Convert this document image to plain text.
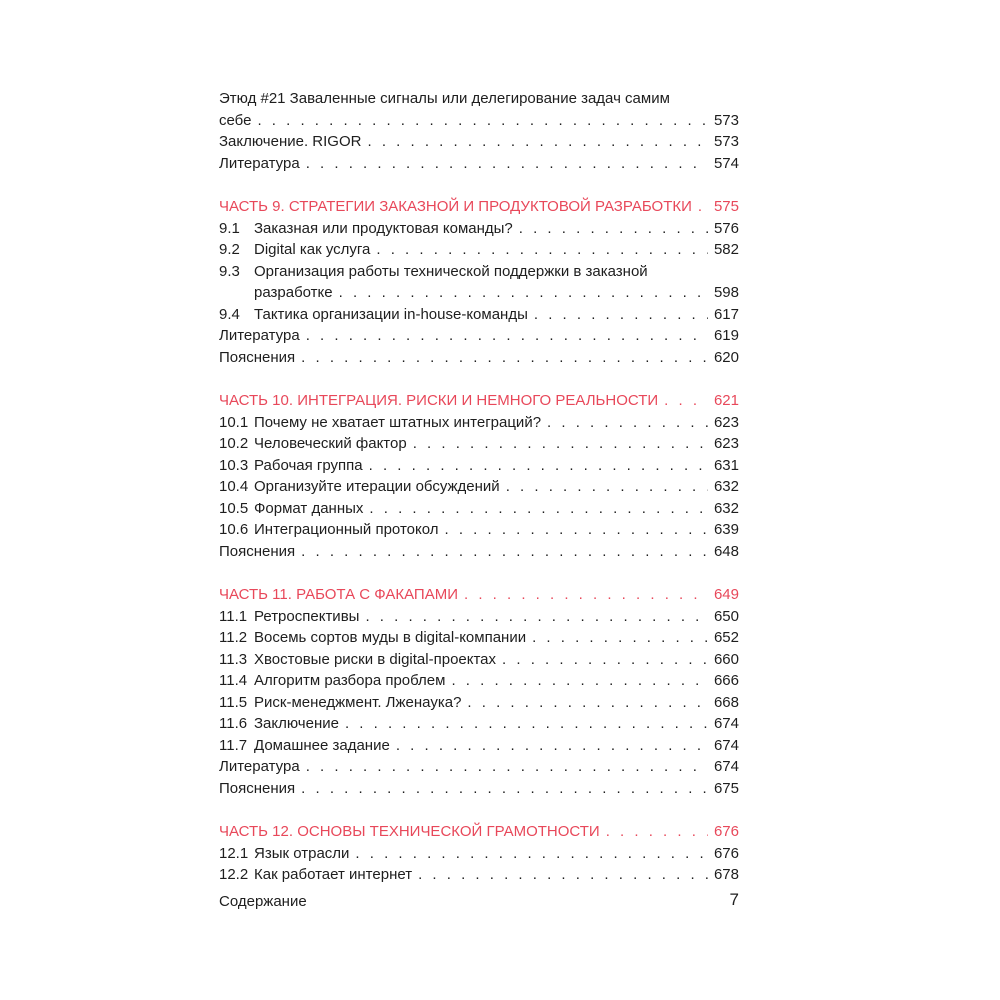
Этюд #21 Заваленные сигналы или делегирование задач самим
себе . . .	573
Заключение. RIGOR . . .	573
Литература . . .	574
ЧАСТЬ 9. СТРАТЕГИИ ЗАКАЗНОЙ И ПРОДУКТОВОЙ РАЗРАБОТКИ . . . 575
9.1 Заказная или продуктовая команды? . . .	576
9.2 Digital как услуга . . .	582
9.3 Организация работы технической поддержки в заказной
разработке . . .	598
9.4 Тактика организации in-house-команды . . .	617
Литература . . .	619
Пояснения . . .	620
ЧАСТЬ 10. ИНТЕГРАЦИЯ. РИСКИ И НЕМНОГО РЕАЛЬНОСТИ . . .	621
10.1 Почему не хватает штатных интеграций? . . .	623
10.2 Человеческий фактор . . .	623
10.3 Рабочая группа . . .	631
10.4 Организуйте итерации обсуждений . . .	632
10.5 Формат данных . . .	632
10.6 Интеграционный протокол . . .	639
Пояснения . . .	648
ЧАСТЬ 11. РАБОТА С ФАКАПАМИ . . .	649
11.1 Ретроспективы . . .	650
11.2 Восемь сортов муды в digital-компании . . .	652
11.3 Хвостовые риски в digital-проектах . . .	660
11.4 Алгоритм разбора проблем . . .	666
11.5 Риск-менеджмент. Лженаука? . . .	668
11.6 Заключение . . .	674
11.7 Домашнее задание . . .	674
Литература . . .	674
Пояснения . . .	675
ЧАСТЬ 12. ОСНОВЫ ТЕХНИЧЕСКОЙ ГРАМОТНОСТИ . . .	676
12.1 Язык отрасли . . .	676
12.2 Как работает интернет . . .	678
Содержание	7
